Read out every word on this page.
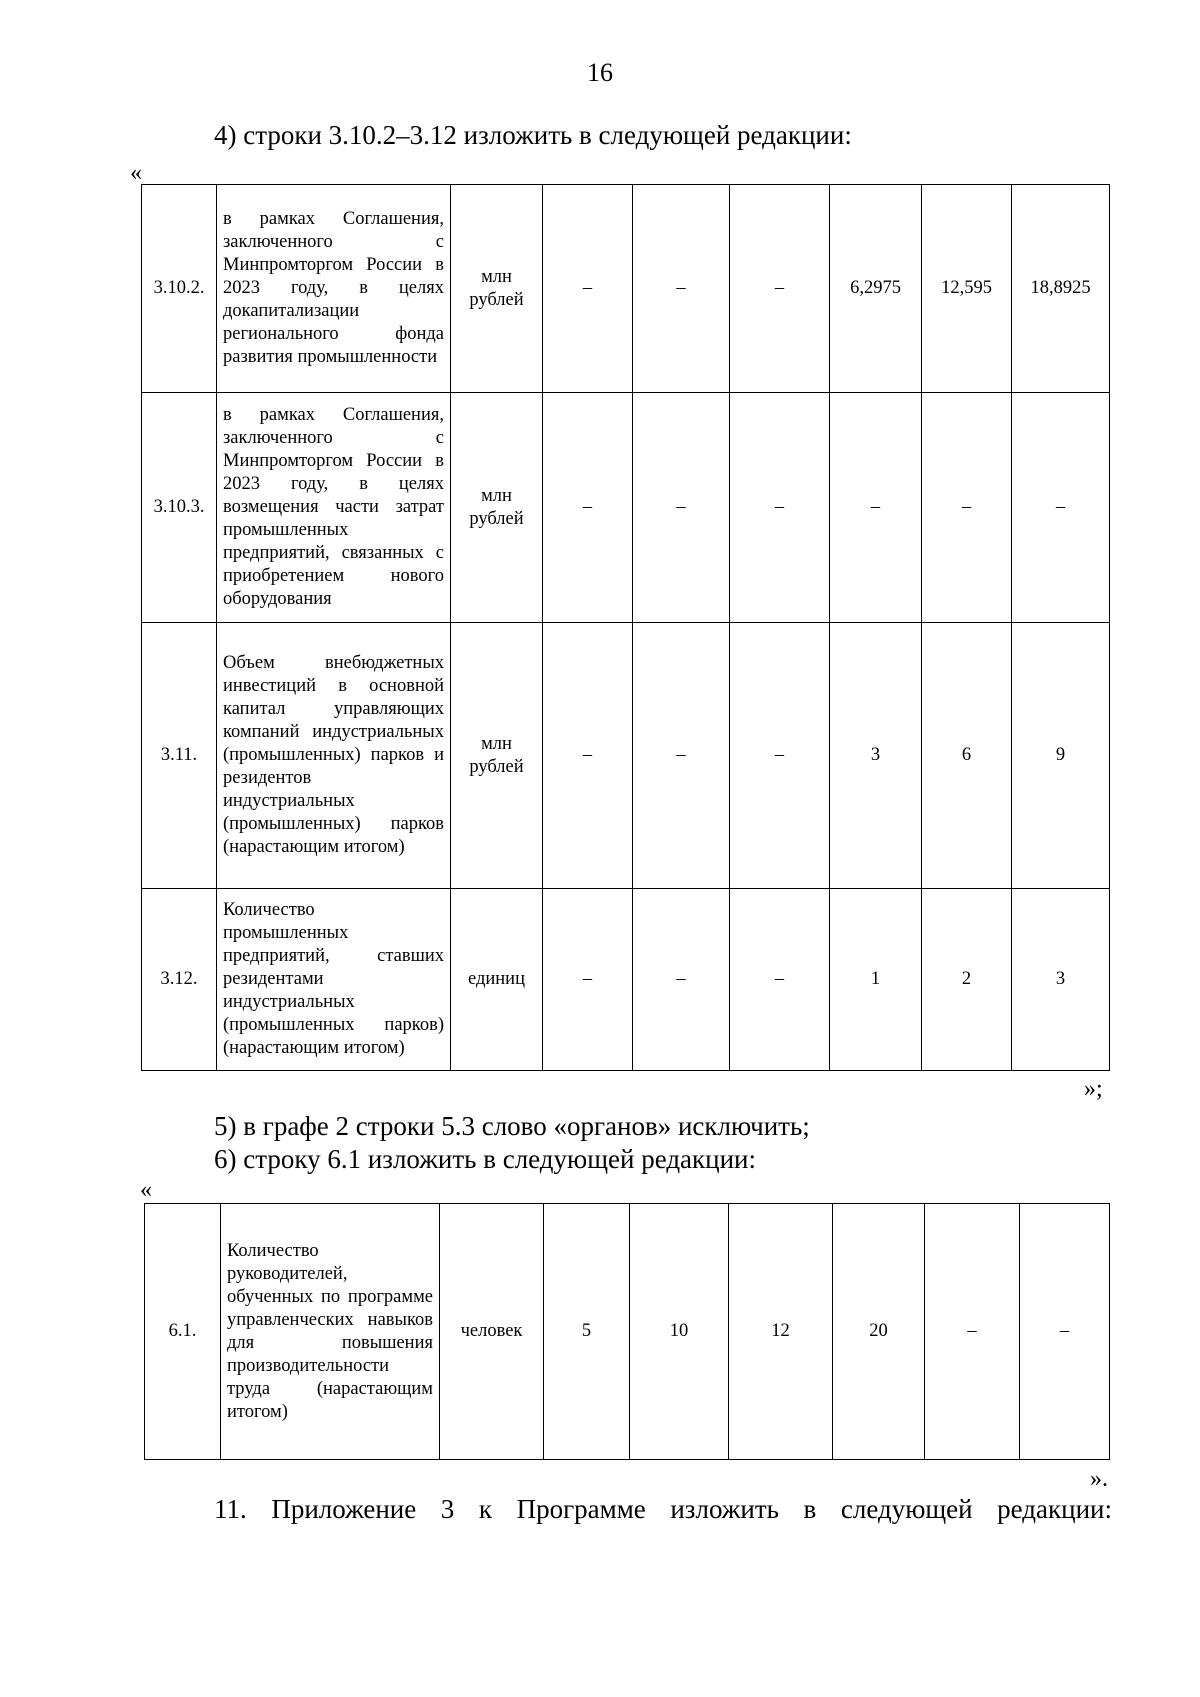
16
4) строки 3.10.2–3.12 изложить в следующей редакции:
«
3.10.2.	в рамках Соглашения, заключенного с Минпромторгом России в 2023 году, в целях докапитализации регионального фонда развития промышленности	млн рублей	–	–	–	6,2975	12,595	18,8925
3.10.3.	в рамках Соглашения, заключенного с Минпромторгом России в 2023 году, в целях возмещения части затрат промышленных предприятий, связанных с приобретением нового оборудования	млн рублей	–	–	–	–	–	–
3.11.	Объем внебюджетных инвестиций в основной капитал управляющих компаний индустриальных (промышленных) парков и резидентов индустриальных (промышленных) парков (нарастающим итогом)	млн рублей	–	–	–	3	6	9
3.12.	Количество промышленных предприятий, ставших резидентами индустриальных (промышленных парков) (нарастающим итогом)	единиц	–	–	–	1	2	3
»;
5) в графе 2 строки 5.3 слово «органов» исключить;
6) строку 6.1 изложить в следующей редакции:
«
6.1.	Количество руководителей, обученных по программе управленческих навыков для повышения производительности труда (нарастающим итогом)	человек	5	10	12	20	–	–
».
11. Приложение 3 к Программе изложить в следующей редакции:
